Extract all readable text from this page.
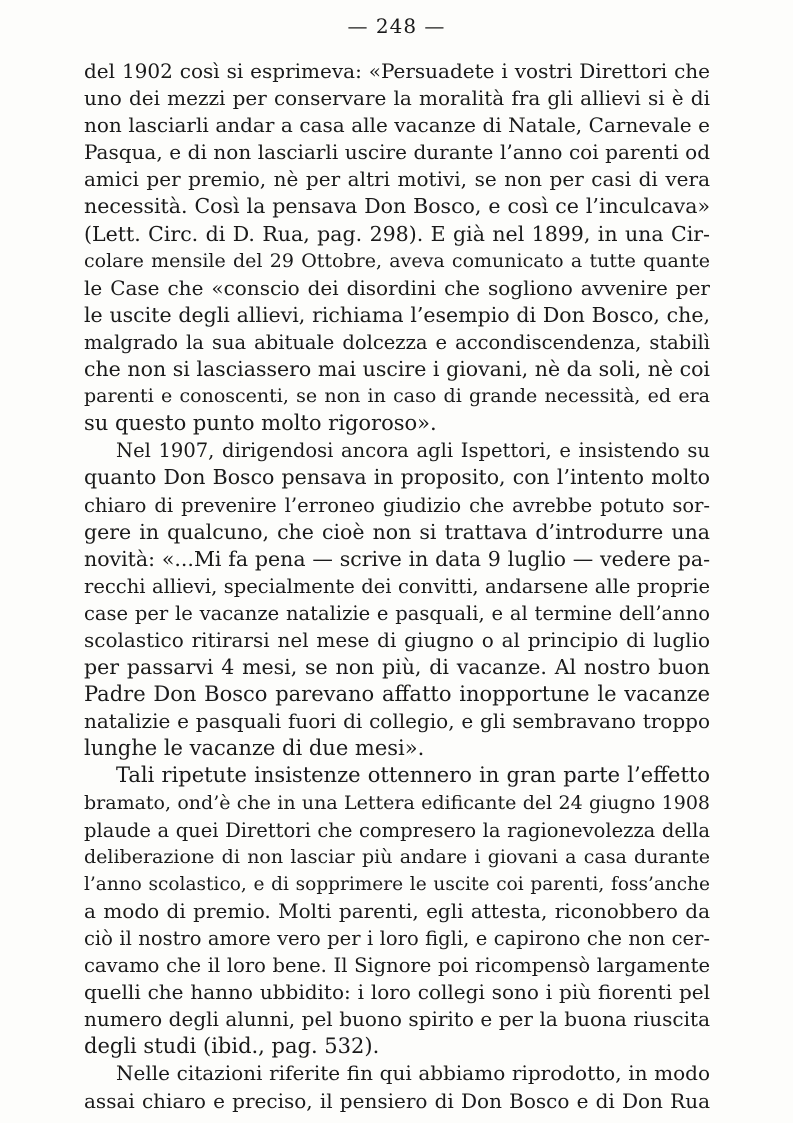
— 248 —
del 1902 così si esprimeva: «Persuadete i vostri Direttori che
uno dei mezzi per conservare la moralità fra gli allievi si è di
non lasciarli andar a casa alle vacanze di Natale, Carnevale e
Pasqua, e di non lasciarli uscire durante l’anno coi parenti od
amici per premio, nè per altri motivi, se non per casi di vera
necessità. Così la pensava Don Bosco, e così ce l’inculcava»
(Lett. Circ. di D. Rua, pag. 298). E già nel 1899, in una Cir-
colare mensile del 29 Ottobre, aveva comunicato a tutte quante
le Case che «conscio dei disordini che sogliono avvenire per
le uscite degli allievi, richiama l’esempio di Don Bosco, che,
malgrado la sua abituale dolcezza e accondiscendenza, stabilì
che non si lasciassero mai uscire i giovani, nè da soli, nè coi
parenti e conoscenti, se non in caso di grande necessità, ed era
su questo punto molto rigoroso».
Nel 1907, dirigendosi ancora agli Ispettori, e insistendo su
quanto Don Bosco pensava in proposito, con l’intento molto
chiaro di prevenire l’erroneo giudizio che avrebbe potuto sor-
gere in qualcuno, che cioè non si trattava d’introdurre una
novità: «...Mi fa pena — scrive in data 9 luglio — vedere pa-
recchi allievi, specialmente dei convitti, andarsene alle proprie
case per le vacanze natalizie e pasquali, e al termine dell’anno
scolastico ritirarsi nel mese di giugno o al principio di luglio
per passarvi 4 mesi, se non più, di vacanze. Al nostro buon
Padre Don Bosco parevano affatto inopportune le vacanze
natalizie e pasquali fuori di collegio, e gli sembravano troppo
lunghe le vacanze di due mesi».
Tali ripetute insistenze ottennero in gran parte l’effetto
bramato, ond’è che in una Lettera edificante del 24 giugno 1908
plaude a quei Direttori che compresero la ragionevolezza della
deliberazione di non lasciar più andare i giovani a casa durante
l’anno scolastico, e di sopprimere le uscite coi parenti, foss’anche
a modo di premio. Molti parenti, egli attesta, riconobbero da
ciò il nostro amore vero per i loro figli, e capirono che non cer-
cavamo che il loro bene. Il Signore poi ricompensò largamente
quelli che hanno ubbidito: i loro collegi sono i più fiorenti pel
numero degli alunni, pel buono spirito e per la buona riuscita
degli studi (ibid., pag. 532).
Nelle citazioni riferite fin qui abbiamo riprodotto, in modo
assai chiaro e preciso, il pensiero di Don Bosco e di Don Rua
